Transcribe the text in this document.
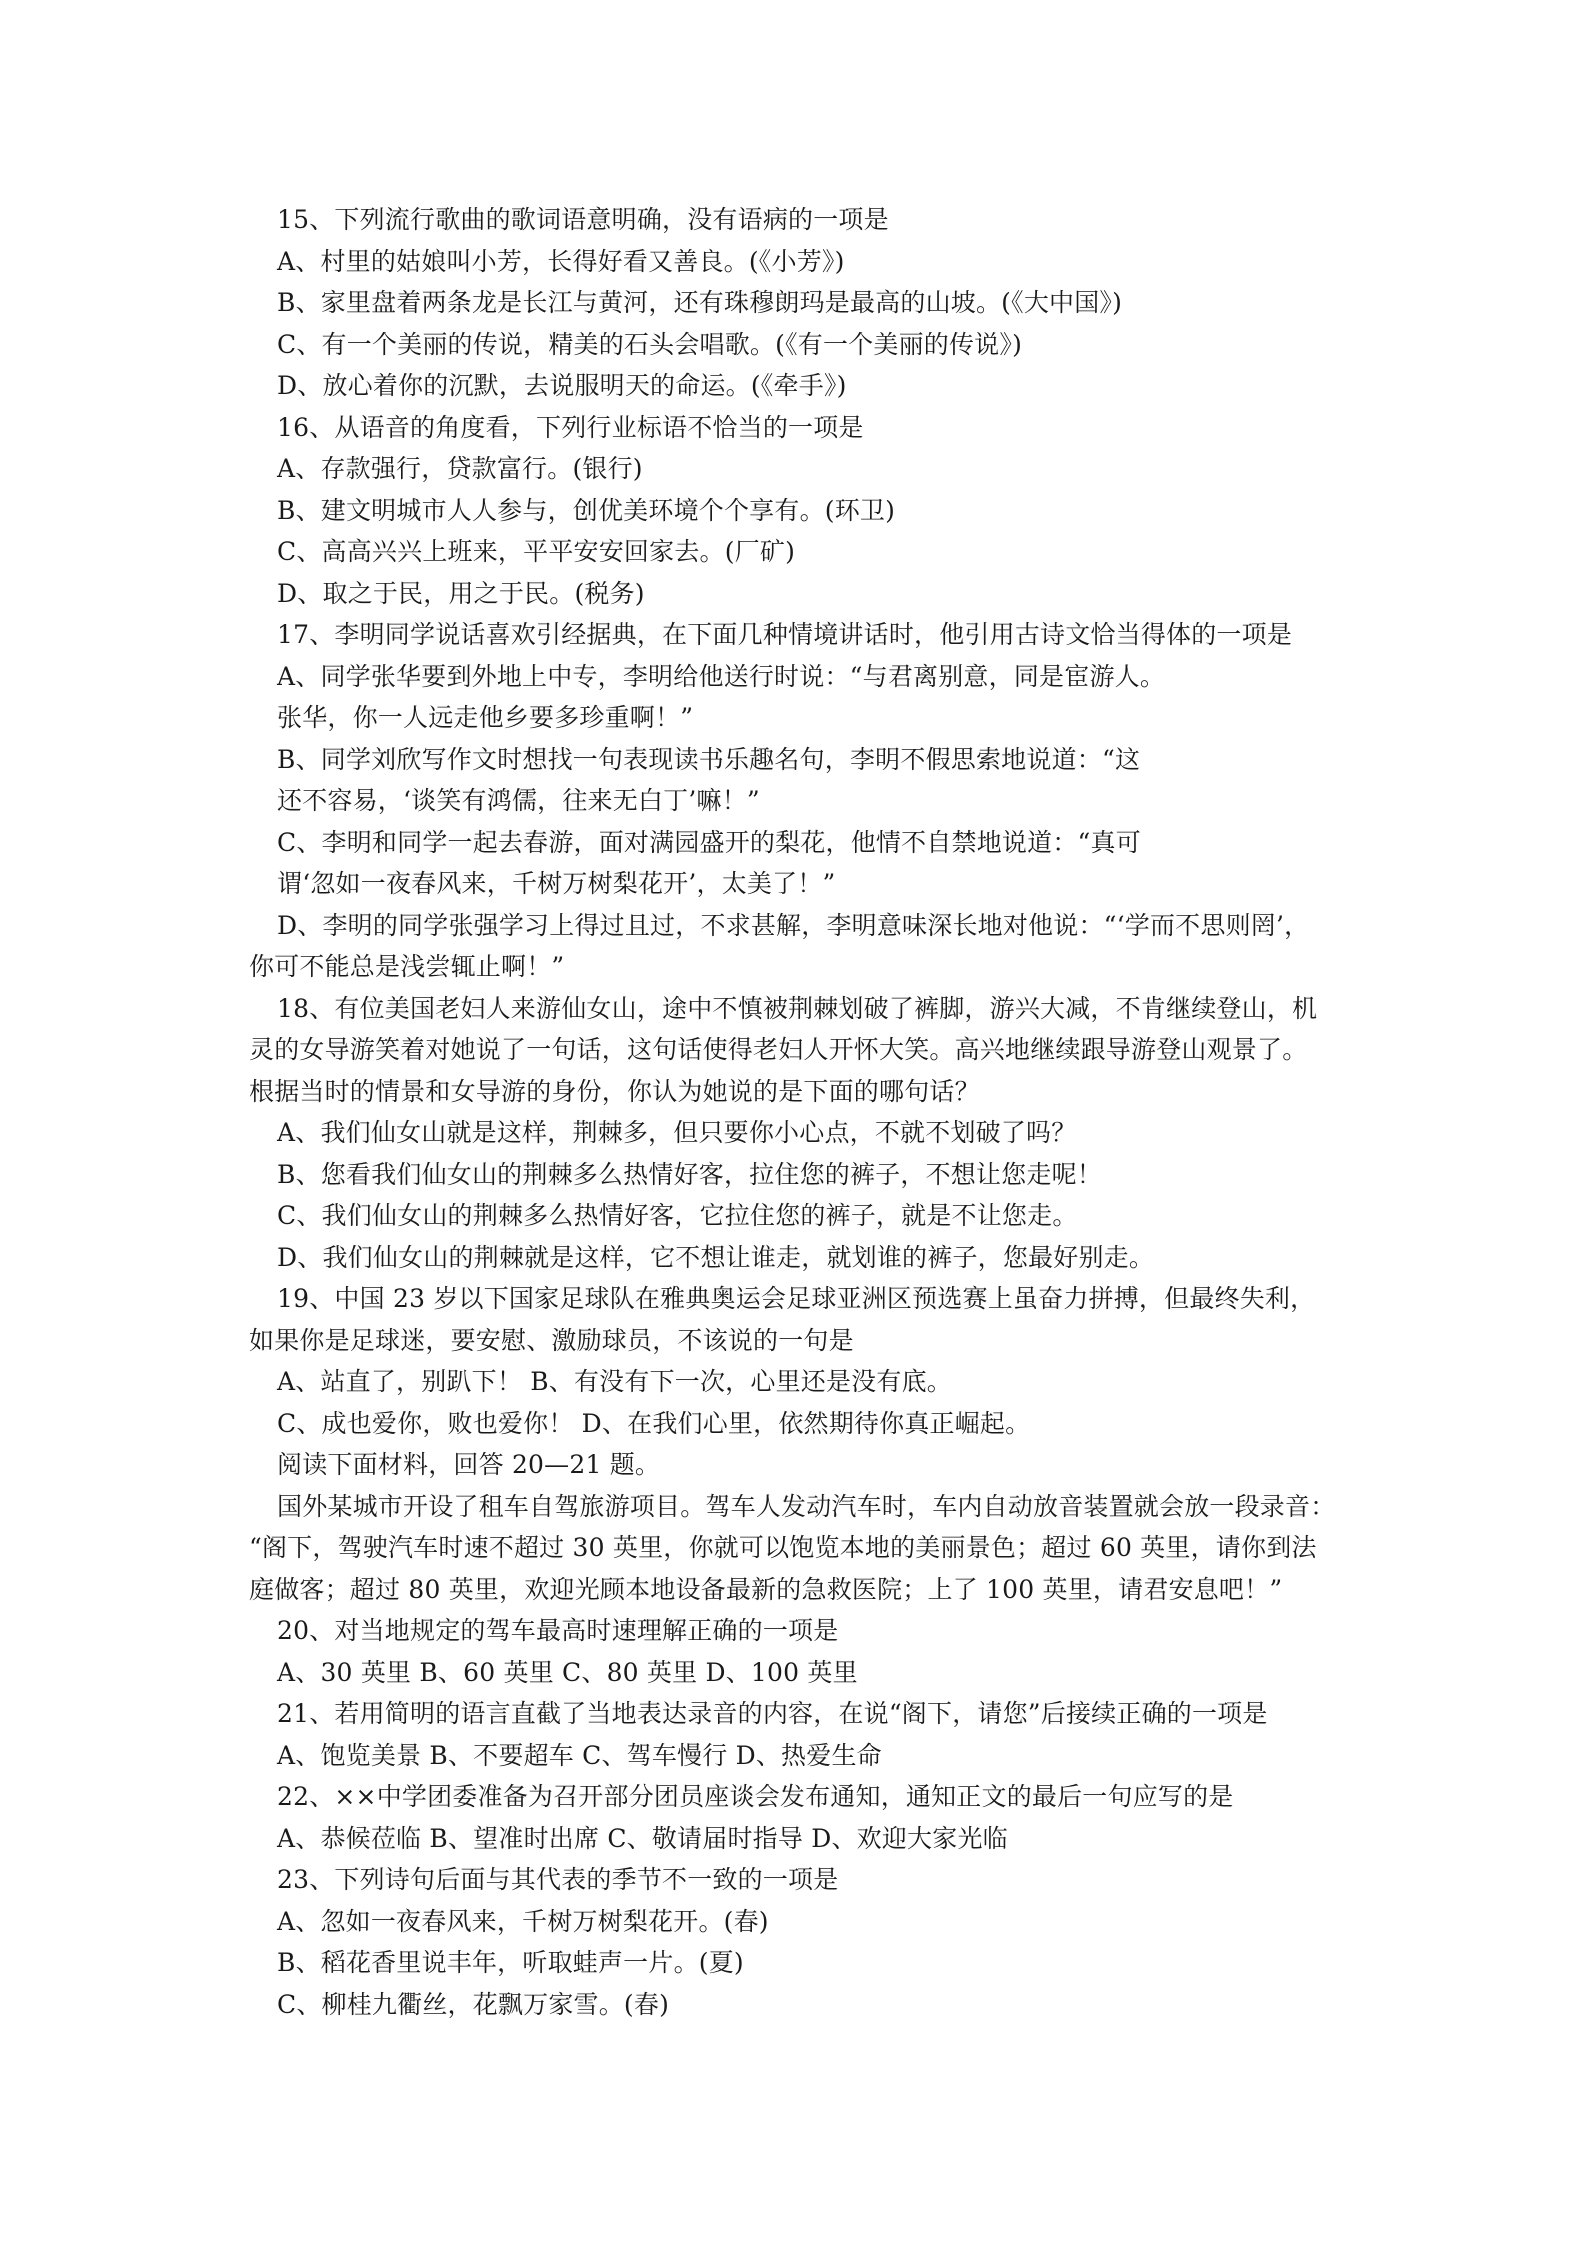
15、下列流行歌曲的歌词语意明确，没有语病的一项是
A、村里的姑娘叫小芳，长得好看又善良。(《小芳》)
B、家里盘着两条龙是长江与黄河，还有珠穆朗玛是最高的山坡。(《大中国》)
C、有一个美丽的传说，精美的石头会唱歌。(《有一个美丽的传说》)
D、放心着你的沉默，去说服明天的命运。(《牵手》)
16、从语音的角度看，下列行业标语不恰当的一项是
A、存款强行，贷款富行。(银行)
B、建文明城市人人参与，创优美环境个个享有。(环卫)
C、高高兴兴上班来，平平安安回家去。(厂矿)
D、取之于民，用之于民。(税务)
17、李明同学说话喜欢引经据典，在下面几种情境讲话时，他引用古诗文恰当得体的一项是
A、同学张华要到外地上中专，李明给他送行时说：“与君离别意，同是宦游人。
张华，你一人远走他乡要多珍重啊！”
B、同学刘欣写作文时想找一句表现读书乐趣名句，李明不假思索地说道：“这
还不容易，‘谈笑有鸿儒，往来无白丁’嘛！”
C、李明和同学一起去春游，面对满园盛开的梨花，他情不自禁地说道：“真可
谓‘忽如一夜春风来，千树万树梨花开’，太美了！”
D、李明的同学张强学习上得过且过，不求甚解，李明意味深长地对他说：“‘学而不思则罔’，
你可不能总是浅尝辄止啊！”
18、有位美国老妇人来游仙女山，途中不慎被荆棘划破了裤脚，游兴大减，不肯继续登山，机
灵的女导游笑着对她说了一句话，这句话使得老妇人开怀大笑。高兴地继续跟导游登山观景了。
根据当时的情景和女导游的身份，你认为她说的是下面的哪句话？
A、我们仙女山就是这样，荆棘多，但只要你小心点，不就不划破了吗？
B、您看我们仙女山的荆棘多么热情好客，拉住您的裤子，不想让您走呢！
C、我们仙女山的荆棘多么热情好客，它拉住您的裤子，就是不让您走。
D、我们仙女山的荆棘就是这样，它不想让谁走，就划谁的裤子，您最好别走。
19、中国 23 岁以下国家足球队在雅典奥运会足球亚洲区预选赛上虽奋力拼搏，但最终失利，
如果你是足球迷，要安慰、激励球员，不该说的一句是
A、站直了，别趴下！ B、有没有下一次，心里还是没有底。
C、成也爱你，败也爱你！ D、在我们心里，依然期待你真正崛起。
阅读下面材料，回答 20—21 题。
国外某城市开设了租车自驾旅游项目。驾车人发动汽车时，车内自动放音装置就会放一段录音：
“阁下，驾驶汽车时速不超过 30 英里，你就可以饱览本地的美丽景色；超过 60 英里，请你到法
庭做客；超过 80 英里，欢迎光顾本地设备最新的急救医院；上了 100 英里，请君安息吧！”
20、对当地规定的驾车最高时速理解正确的一项是
A、30 英里 B、60 英里 C、80 英里 D、100 英里
21、若用简明的语言直截了当地表达录音的内容，在说“阁下，请您”后接续正确的一项是
A、饱览美景 B、不要超车 C、驾车慢行 D、热爱生命
22、××中学团委准备为召开部分团员座谈会发布通知，通知正文的最后一句应写的是
A、恭候莅临 B、望准时出席 C、敬请届时指导 D、欢迎大家光临
23、下列诗句后面与其代表的季节不一致的一项是
A、忽如一夜春风来，千树万树梨花开。(春)
B、稻花香里说丰年，听取蛙声一片。(夏)
C、柳桂九衢丝，花飘万家雪。(春)
